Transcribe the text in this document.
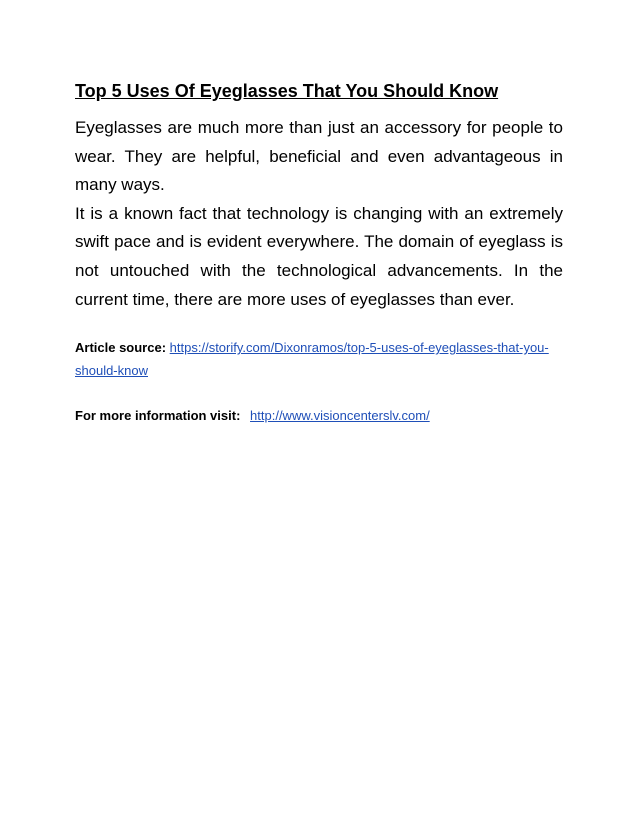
Top 5 Uses Of Eyeglasses That You Should Know

Eyeglasses are much more than just an accessory for people to wear. They are helpful, beneficial and even advantageous in many ways.

It is a known fact that technology is changing with an extremely swift pace and is evident everywhere. The domain of eyeglass is not untouched with the technological advancements. In the current time, there are more uses of eyeglasses than ever.

Article source: https://storify.com/Dixonramos/top-5-uses-of-eyeglasses-that-you-should-know

For more information visit: http://www.visioncenterslv.com/
